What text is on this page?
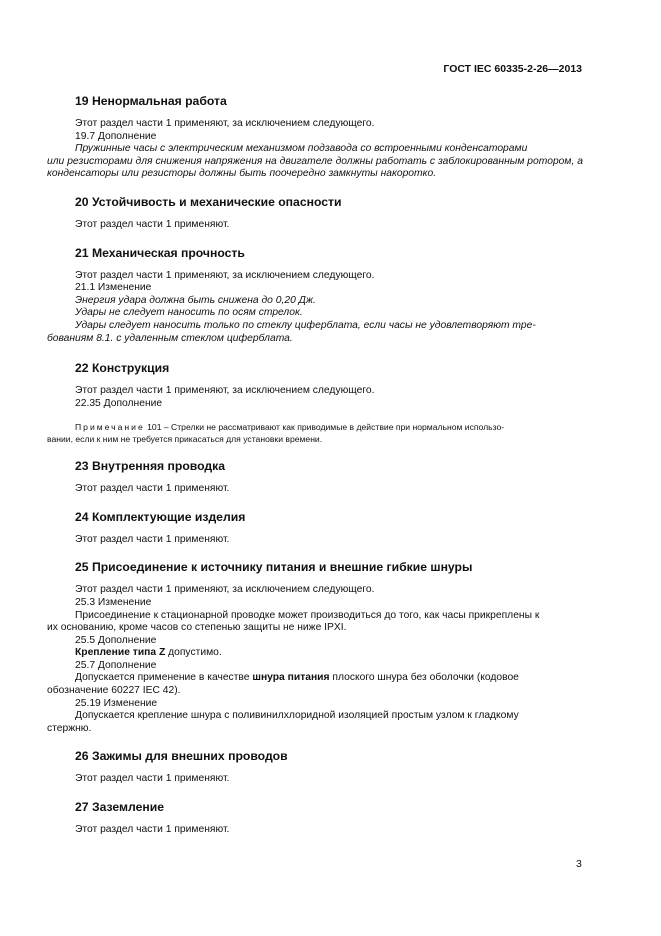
ГОСТ IEC 60335-2-26—2013
19 Ненормальная работа

Этот раздел части 1 применяют, за исключением следующего.

19.7 Дополнение

Пружинные часы с электрическим механизмом подзавода со встроенными конденсаторами

или резисторами для снижения напряжения на двигателе должны работать с заблокированным ротором, а конденсаторы или резисторы должны быть поочередно замкнуты накоротко.

20 Устойчивость и механические опасности

Этот раздел части 1 применяют.

21 Механическая прочность

Этот раздел части 1 применяют, за исключением следующего.

21.1 Изменение

Энергия удара должна быть снижена до 0,20 Дж.

Удары не следует наносить по осям стрелок.

Удары следует наносить только по стеклу циферблата, если часы не удовлетворяют тре-

бованиям 8.1. с удаленным стеклом циферблата.

22 Конструкция

Этот раздел части 1 применяют, за исключением следующего.

22.35 Дополнение

Примечание 101 – Стрелки не рассматривают как приводимые в действие при нормальном использо-

вании, если к ним не требуется прикасаться для установки времени.

23 Внутренняя проводка

Этот раздел части 1 применяют.

24 Комплектующие изделия

Этот раздел части 1 применяют.

25 Присоединение к источнику питания и внешние гибкие шнуры

Этот раздел части 1 применяют, за исключением следующего.

25.3 Изменение

Присоединение к стационарной проводке может производиться до того, как часы прикреплены к

их основанию, кроме часов со степенью защиты не ниже IPXI.

25.5 Дополнение

Крепление типа Z допустимо.

25.7 Дополнение

Допускается применение в качестве шнура питания плоского шнура без оболочки (кодовое

обозначение 60227 IEC 42).

25.19 Изменение

Допускается крепление шнура с поливинилхлоридной изоляцией простым узлом к гладкому

стержню.

26 Зажимы для внешних проводов

Этот раздел части 1 применяют.

27 Заземление

Этот раздел части 1 применяют.

3
